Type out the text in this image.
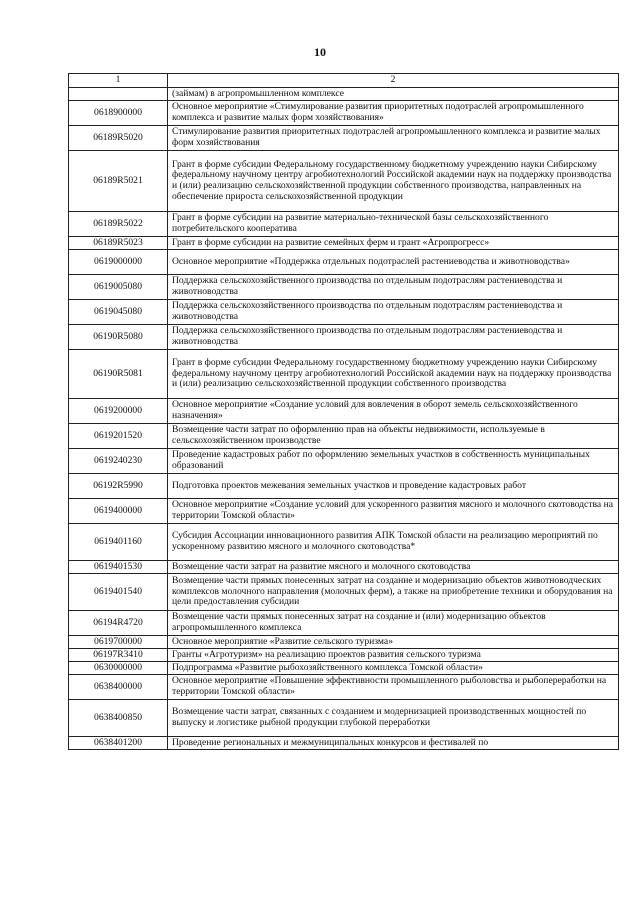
10
1	2
	(займам) в агропромышленном комплексе
0618900000	Основное мероприятие «Стимулирование развития приоритетных подотраслей агропромышленного комплекса и развитие малых форм хозяйствования»
06189R5020	Стимулирование развития приоритетных подотраслей агропромышленного комплекса и развитие малых форм хозяйствования
06189R5021	Грант в форме субсидии Федеральному государственному бюджетному учреждению науки Сибирскому федеральному научному центру агробиотехнологий Российской академии наук на поддержку производства и (или) реализацию сельскохозяйственной продукции собственного производства, направленных на обеспечение прироста сельскохозяйственной продукции
06189R5022	Грант в форме субсидии на развитие материально-технической базы сельскохозяйственного потребительского кооператива
06189R5023	Грант в форме субсидии на развитие семейных ферм и грант «Агропрогресс»
0619000000	Основное мероприятие «Поддержка отдельных подотраслей растениеводства и животноводства»
0619005080	Поддержка сельскохозяйственного производства по отдельным подотраслям растениеводства и животноводства
0619045080	Поддержка сельскохозяйственного производства по отдельным подотраслям растениеводства и животноводства
06190R5080	Поддержка сельскохозяйственного производства по отдельным подотраслям растениеводства и животноводства
06190R5081	Грант в форме субсидии Федеральному государственному бюджетному учреждению науки Сибирскому федеральному научному центру агробиотехнологий Российской академии наук на поддержку производства и (или) реализацию сельскохозяйственной продукции собственного производства
0619200000	Основное мероприятие «Создание условий для вовлечения в оборот земель сельскохозяйственного назначения»
0619201520	Возмещение части затрат по оформлению прав на объекты недвижимости, используемые в сельскохозяйственном производстве
0619240230	Проведение кадастровых работ по оформлению земельных участков в собственность муниципальных образований
06192R5990	Подготовка проектов межевания земельных участков и проведение кадастровых работ
0619400000	Основное мероприятие «Создание условий для ускоренного развития мясного и молочного скотоводства на территории Томской области»
0619401160	Субсидия Ассоциации инновационного развития АПК Томской области на реализацию мероприятий по ускоренному развитию мясного и молочного скотоводства*
0619401530	Возмещение части затрат на развитие мясного и молочного скотоводства
0619401540	Возмещение части прямых понесенных затрат на создание и модернизацию объектов животноводческих комплексов молочного направления (молочных ферм), а также на приобретение техники и оборудования на цели предоставления субсидии
06194R4720	Возмещение части прямых понесенных затрат на создание и (или) модернизацию объектов агропромышленного комплекса
0619700000	Основное мероприятие «Развитие сельского туризма»
06197R3410	Гранты «Агротуризм» на реализацию проектов развития сельского туризма
0630000000	Подпрограмма «Развитие рыбохозяйственного комплекса Томской области»
0638400000	Основное мероприятие «Повышение эффективности промышленного рыболовства и рыбопереработки на территории Томской области»
0638400850	Возмещение части затрат, связанных с созданием и модернизацией производственных мощностей по выпуску и логистике рыбной продукции глубокой переработки
0638401200	Проведение региональных и межмуниципальных конкурсов и фестивалей по
